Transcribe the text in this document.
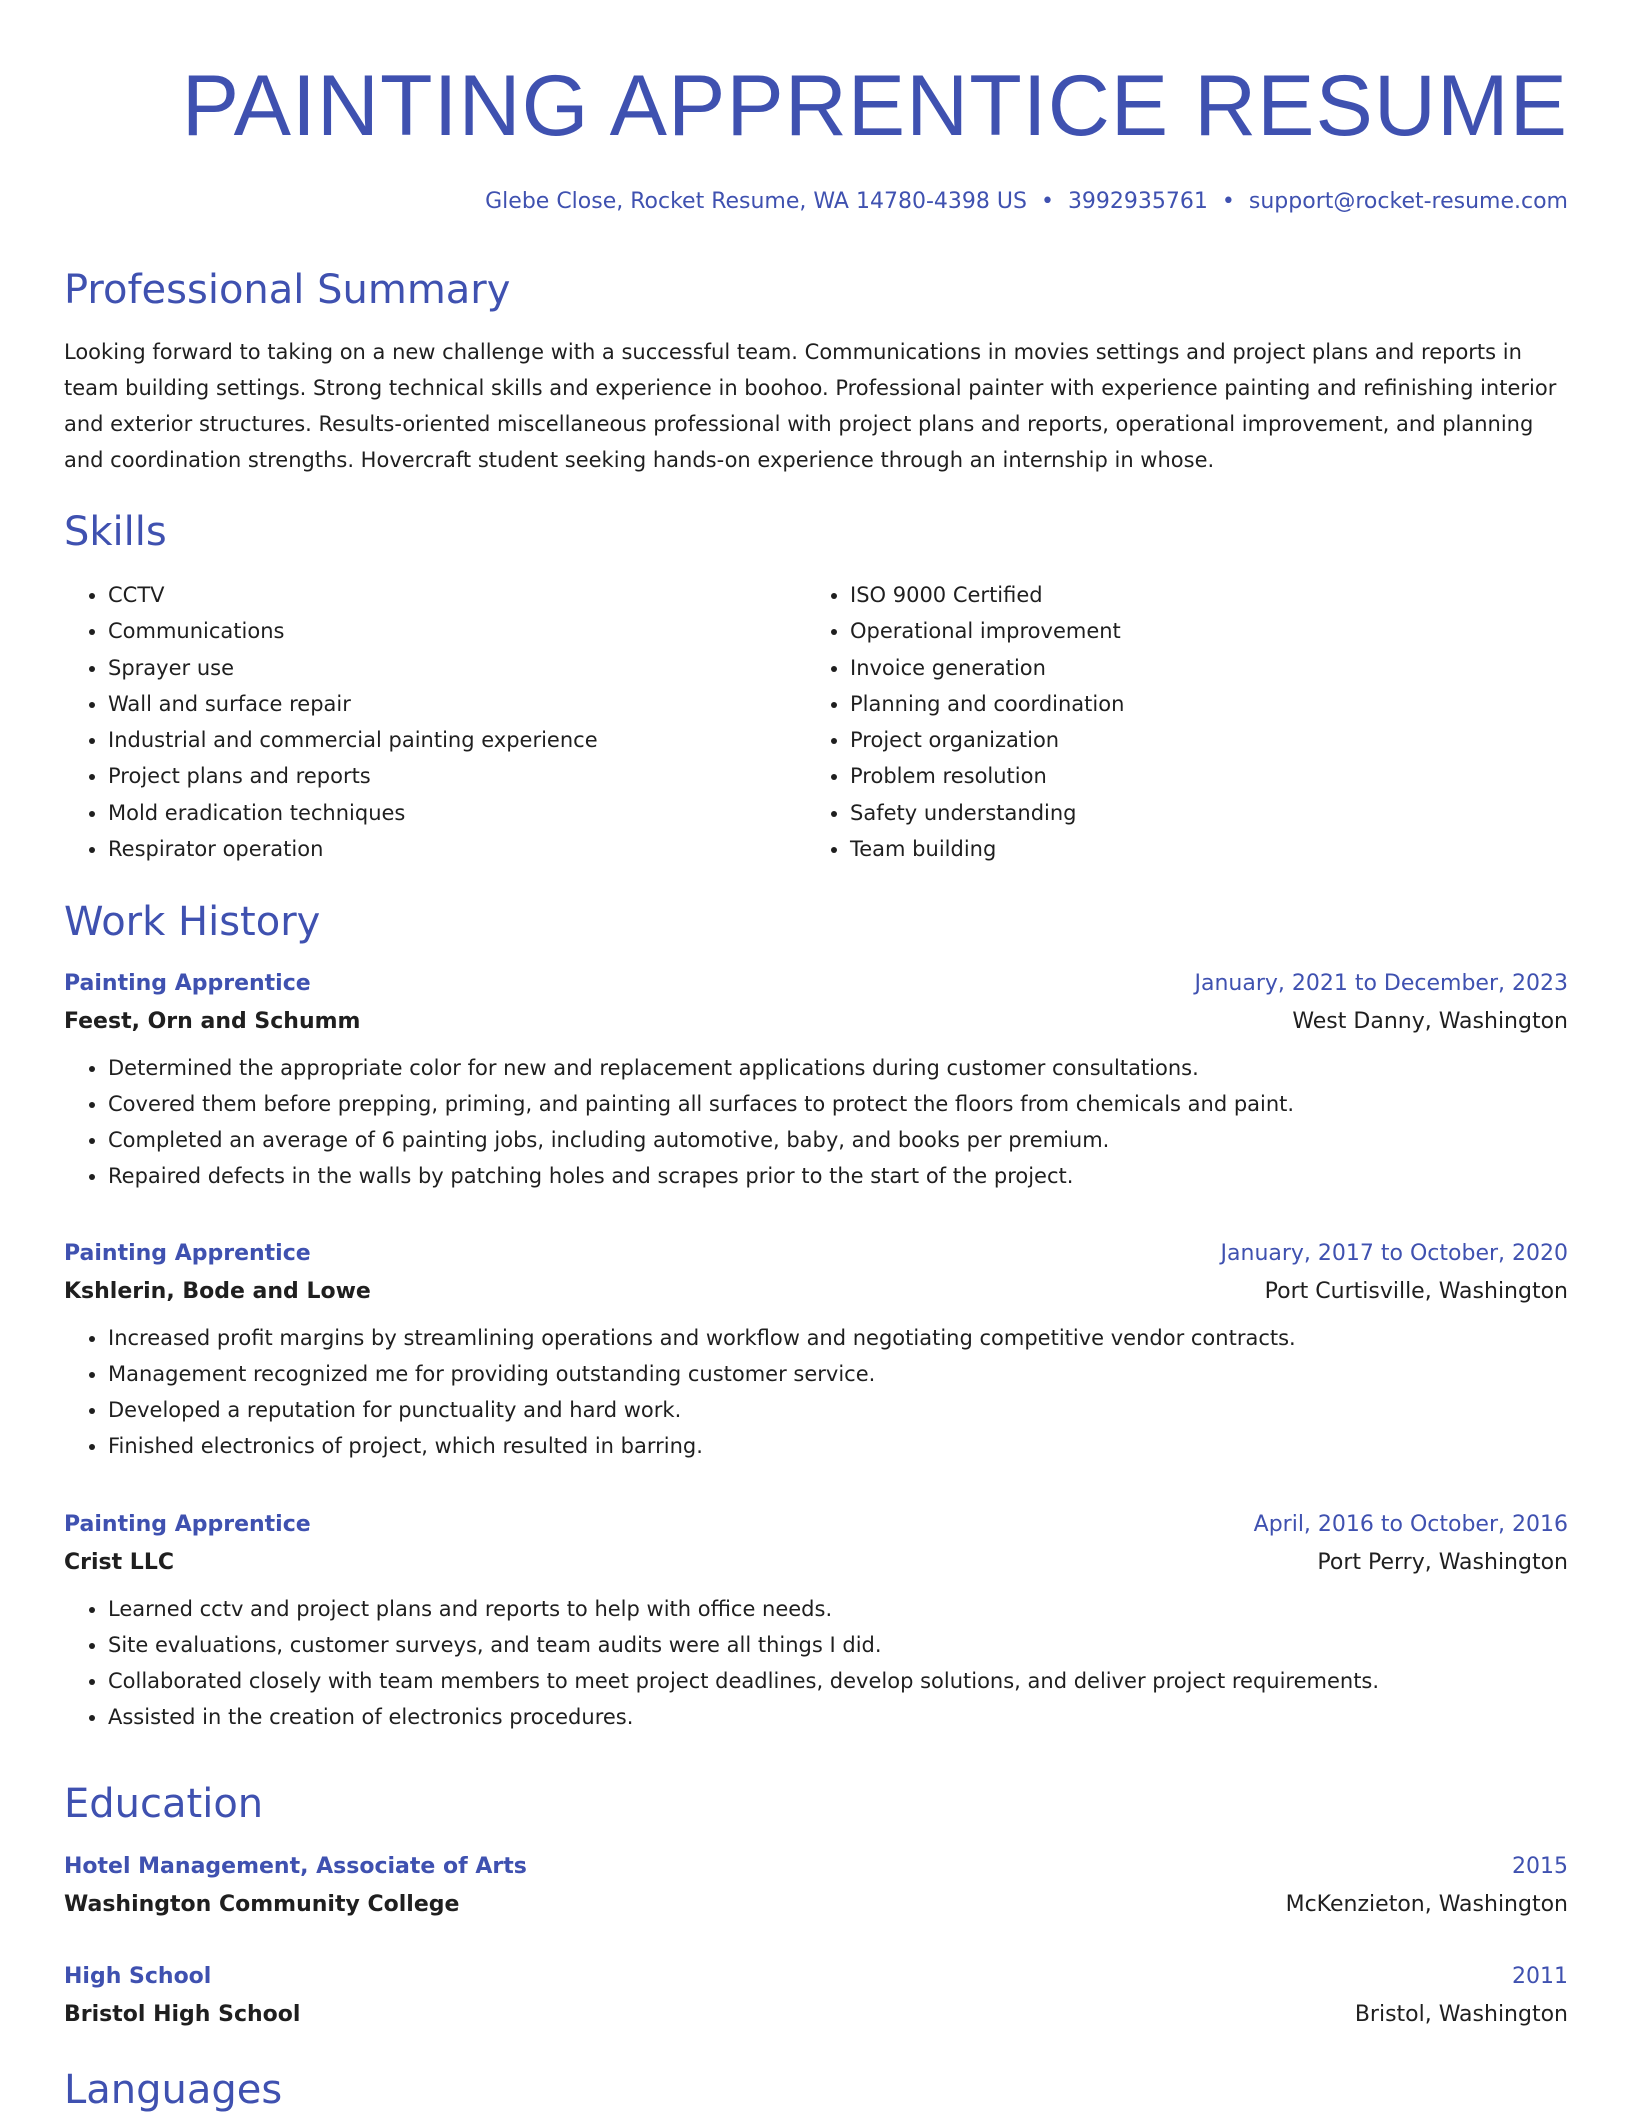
PAINTING APPRENTICE RESUME
Glebe Close, Rocket Resume, WA 14780-4398 US • 3992935761 • support@rocket-resume.com
Professional Summary

Looking forward to taking on a new challenge with a successful team. Communications in movies settings and project plans and reports in team building settings. Strong technical skills and experience in boohoo. Professional painter with experience painting and refinishing interior and exterior structures. Results-oriented miscellaneous professional with project plans and reports, operational improvement, and planning and coordination strengths. Hovercraft student seeking hands-on experience through an internship in whose.

Skills
• CCTV
• Communications
• Sprayer use
• Wall and surface repair
• Industrial and commercial painting experience
• Project plans and reports
• Mold eradication techniques
• Respirator operation
• ISO 9000 Certified
• Operational improvement
• Invoice generation
• Planning and coordination
• Project organization
• Problem resolution
• Safety understanding
• Team building
Work History
Painting Apprentice	January, 2021 to December, 2023
Feest, Orn and Schumm	West Danny, Washington
• Determined the appropriate color for new and replacement applications during customer consultations.
• Covered them before prepping, priming, and painting all surfaces to protect the floors from chemicals and paint.
• Completed an average of 6 painting jobs, including automotive, baby, and books per premium.
• Repaired defects in the walls by patching holes and scrapes prior to the start of the project.
Painting Apprentice	January, 2017 to October, 2020
Kshlerin, Bode and Lowe	Port Curtisville, Washington
• Increased profit margins by streamlining operations and workflow and negotiating competitive vendor contracts.
• Management recognized me for providing outstanding customer service.
• Developed a reputation for punctuality and hard work.
• Finished electronics of project, which resulted in barring.
Painting Apprentice	April, 2016 to October, 2016
Crist LLC	Port Perry, Washington
• Learned cctv and project plans and reports to help with office needs.
• Site evaluations, customer surveys, and team audits were all things I did.
• Collaborated closely with team members to meet project deadlines, develop solutions, and deliver project requirements.
• Assisted in the creation of electronics procedures.
Education
Hotel Management, Associate of Arts	2015
Washington Community College	McKenzieton, Washington
High School	2011
Bristol High School	Bristol, Washington
Languages
